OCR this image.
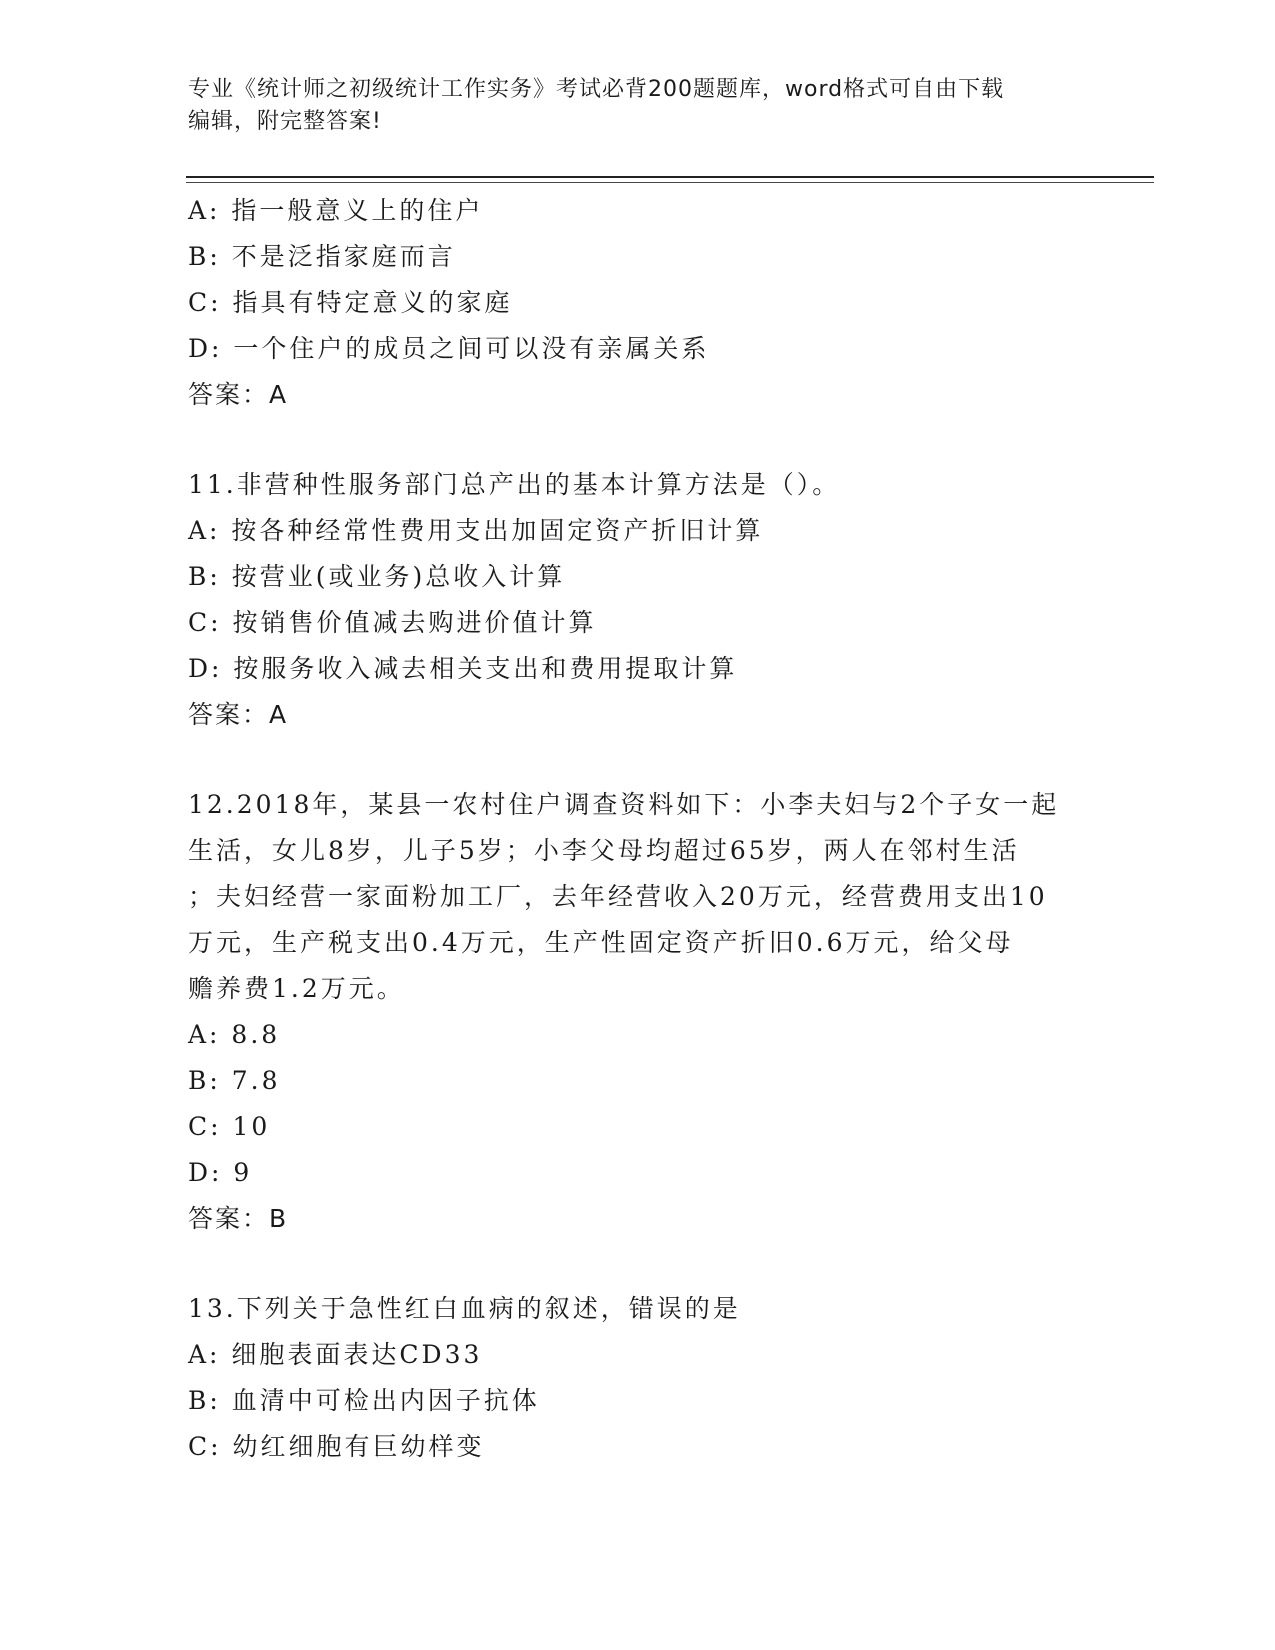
专业《统计师之初级统计工作实务》考试必背200题题库，word格式可自由下载
编辑，附完整答案!
A: 指一般意义上的住户
B: 不是泛指家庭而言
C: 指具有特定意义的家庭
D: 一个住户的成员之间可以没有亲属关系
答案：A
11.非营种性服务部门总产出的基本计算方法是（）。
A: 按各种经常性费用支出加固定资产折旧计算
B: 按营业(或业务)总收入计算
C: 按销售价值减去购进价值计算
D: 按服务收入减去相关支出和费用提取计算
答案：A
12.2018年，某县一农村住户调查资料如下：小李夫妇与2个子女一起
生活，女儿8岁，儿子5岁；小李父母均超过65岁，两人在邻村生活
；夫妇经营一家面粉加工厂，去年经营收入20万元，经营费用支出10
万元，生产税支出0.4万元，生产性固定资产折旧0.6万元，给父母
赡养费1.2万元。
A: 8.8
B: 7.8
C: 10
D: 9
答案：B
13.下列关于急性红白血病的叙述，错误的是
A: 细胞表面表达CD33
B: 血清中可检出内因子抗体
C: 幼红细胞有巨幼样变
